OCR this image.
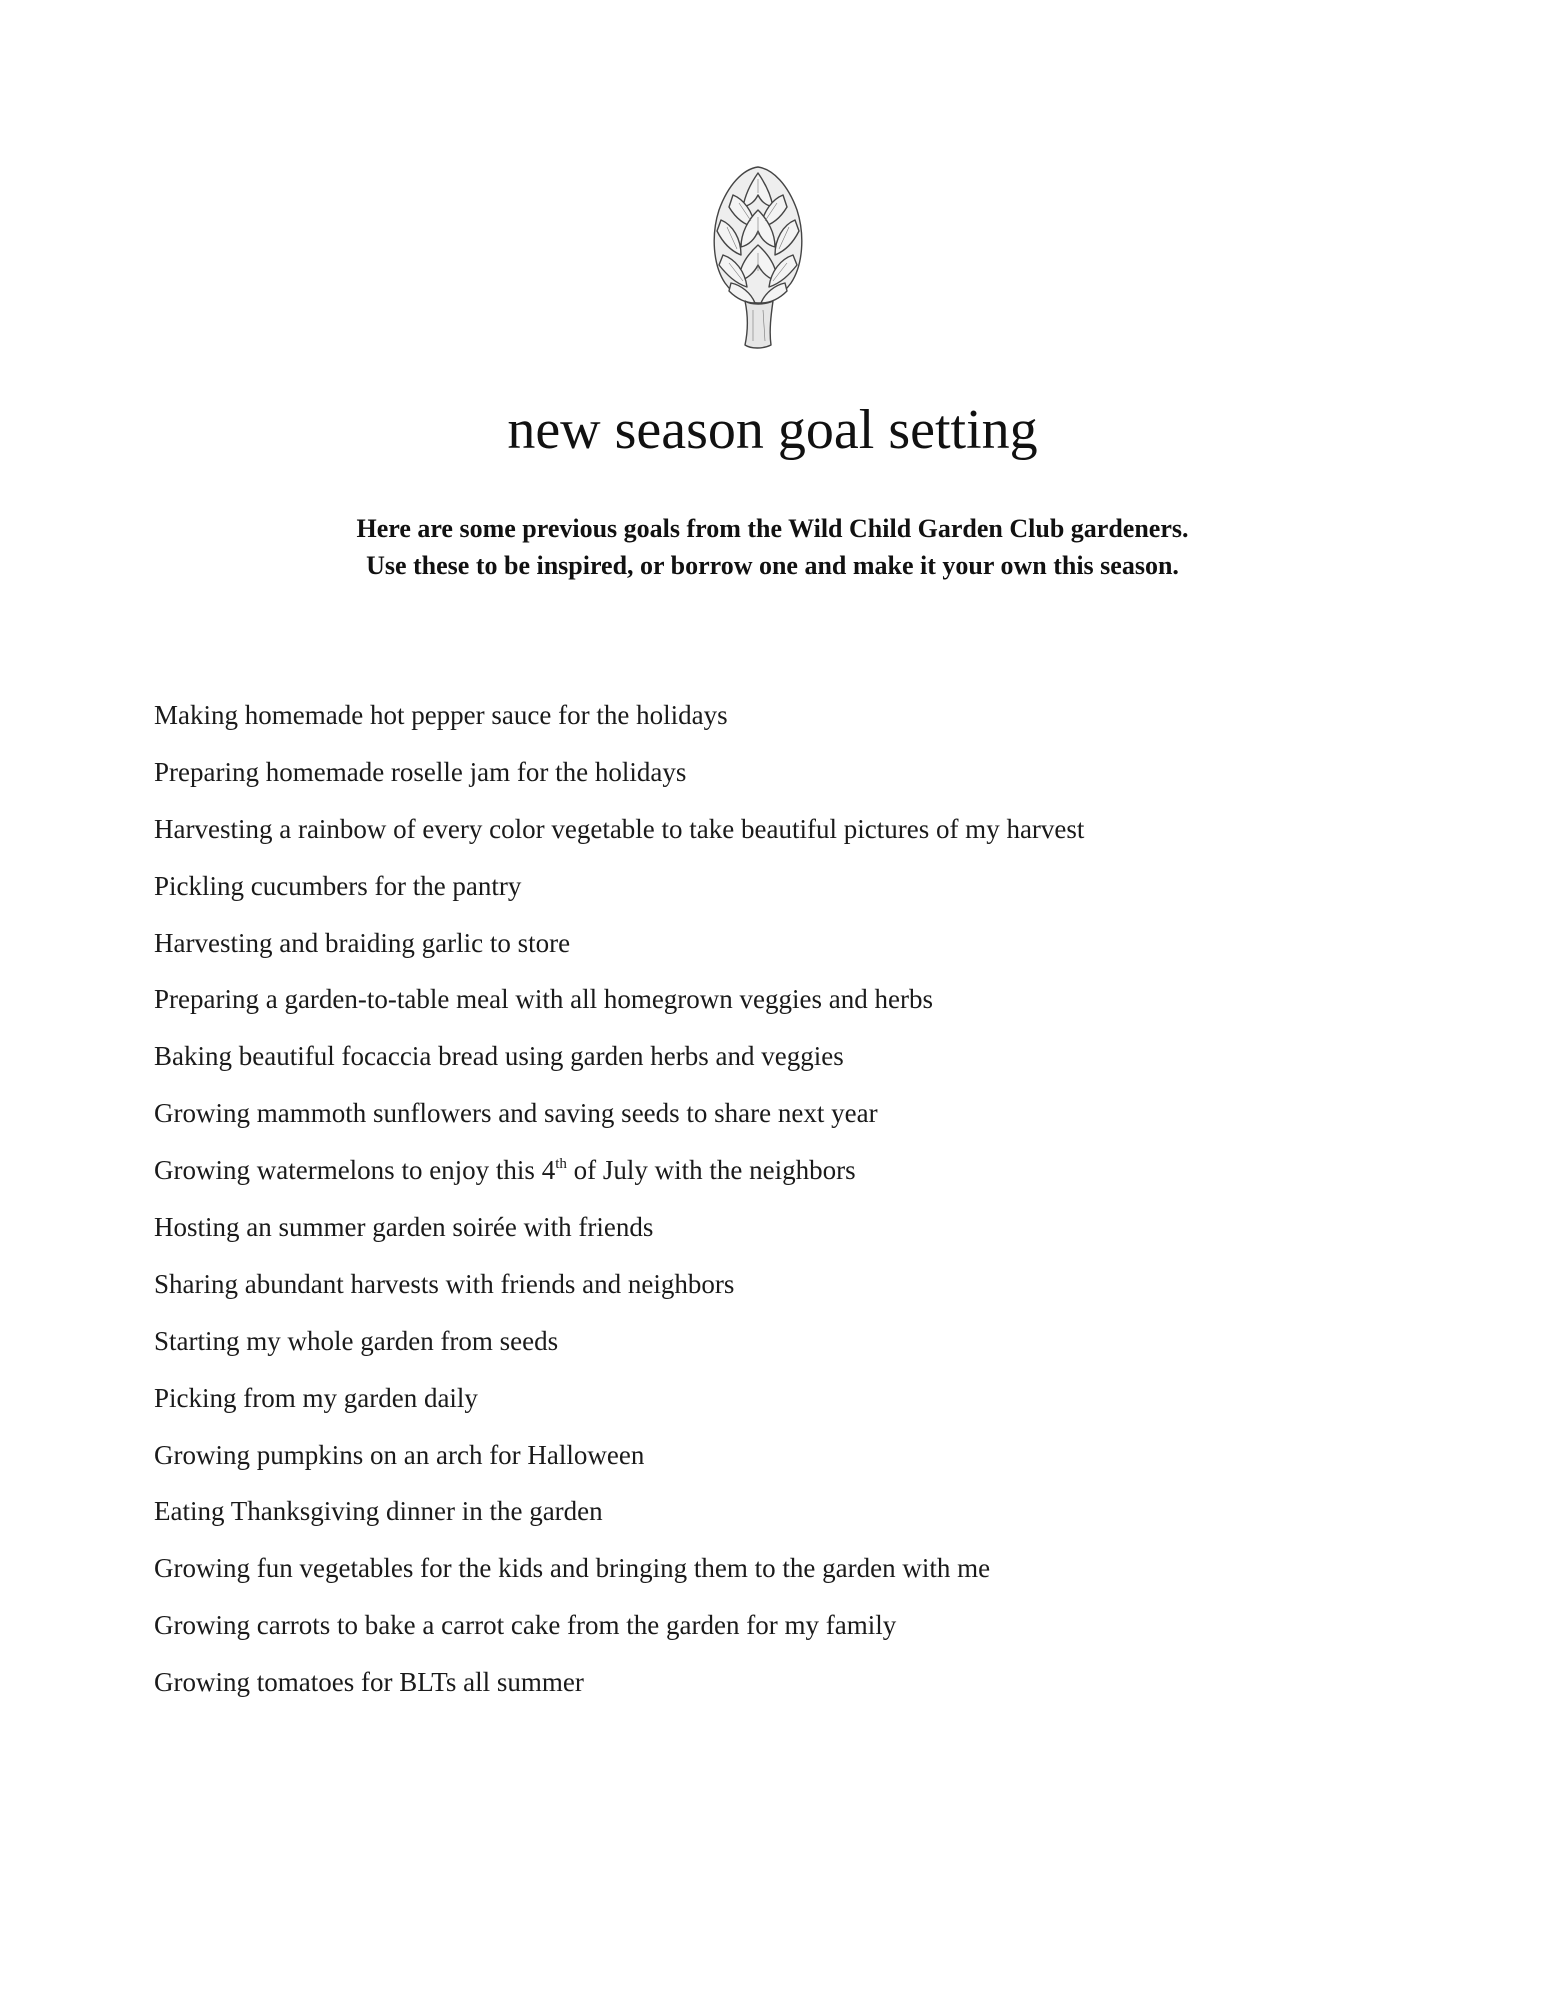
new season goal setting
Here are some previous goals from the Wild Child Garden Club gardeners.
Use these to be inspired, or borrow one and make it your own this season.
Making homemade hot pepper sauce for the holidays
Preparing homemade roselle jam for the holidays
Harvesting a rainbow of every color vegetable to take beautiful pictures of my harvest
Pickling cucumbers for the pantry
Harvesting and braiding garlic to store
Preparing a garden-to-table meal with all homegrown veggies and herbs
Baking beautiful focaccia bread using garden herbs and veggies
Growing mammoth sunflowers and saving seeds to share next year
Growing watermelons to enjoy this 4th of July with the neighbors
Hosting an summer garden soirée with friends
Sharing abundant harvests with friends and neighbors
Starting my whole garden from seeds
Picking from my garden daily
Growing pumpkins on an arch for Halloween
Eating Thanksgiving dinner in the garden
Growing fun vegetables for the kids and bringing them to the garden with me
Growing carrots to bake a carrot cake from the garden for my family
Growing tomatoes for BLTs all summer
